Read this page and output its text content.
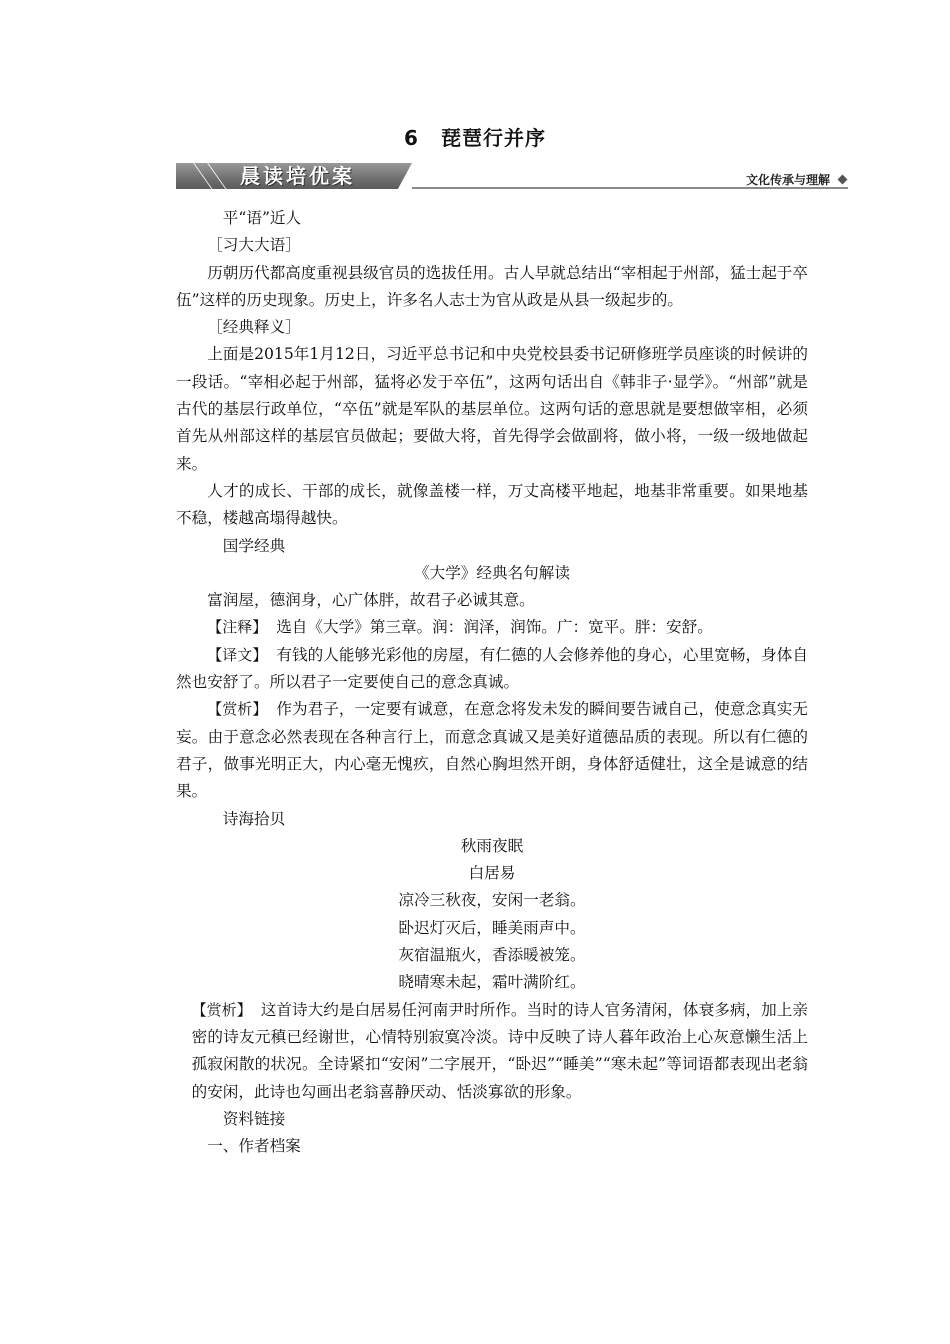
6 琵琶行并序
晨读培优案	文化传承与理解

平“语”近人

［习大大语］

历朝历代都高度重视县级官员的选拔任用。古人早就总结出“宰相起于州部，猛士起于卒伍”这样的历史现象。历史上，许多名人志士为官从政是从县一级起步的。

［经典释义］

上面是2015年1月12日，习近平总书记和中央党校县委书记研修班学员座谈的时候讲的一段话。“宰相必起于州部，猛将必发于卒伍”，这两句话出自《韩非子·显学》。“州部”就是古代的基层行政单位，“卒伍”就是军队的基层单位。这两句话的意思就是要想做宰相，必须首先从州部这样的基层官员做起；要做大将，首先得学会做副将，做小将，一级一级地做起来。

人才的成长、干部的成长，就像盖楼一样，万丈高楼平地起，地基非常重要。如果地基不稳，楼越高塌得越快。

国学经典

《大学》经典名句解读

富润屋，德润身，心广体胖，故君子必诚其意。

【注释】 选自《大学》第三章。润：润泽，润饰。广：宽平。胖：安舒。

【译文】 有钱的人能够光彩他的房屋，有仁德的人会修养他的身心，心里宽畅，身体自然也安舒了。所以君子一定要使自己的意念真诚。

【赏析】 作为君子，一定要有诚意，在意念将发未发的瞬间要告诫自己，使意念真实无妄。由于意念必然表现在各种言行上，而意念真诚又是美好道德品质的表现。所以有仁德的君子，做事光明正大，内心毫无愧疚，自然心胸坦然开朗，身体舒适健壮，这全是诚意的结果。

诗海拾贝

秋雨夜眠

白居易

凉冷三秋夜，安闲一老翁。

卧迟灯灭后，睡美雨声中。

灰宿温瓶火，香添暖被笼。

晓晴寒未起，霜叶满阶红。

【赏析】 这首诗大约是白居易任河南尹时所作。当时的诗人官务清闲，体衰多病，加上亲密的诗友元稹已经谢世，心情特别寂寞冷淡。诗中反映了诗人暮年政治上心灰意懒生活上孤寂闲散的状况。全诗紧扣“安闲”二字展开，“卧迟”“睡美”“寒未起”等词语都表现出老翁的安闲，此诗也勾画出老翁喜静厌动、恬淡寡欲的形象。

资料链接

一、作者档案
